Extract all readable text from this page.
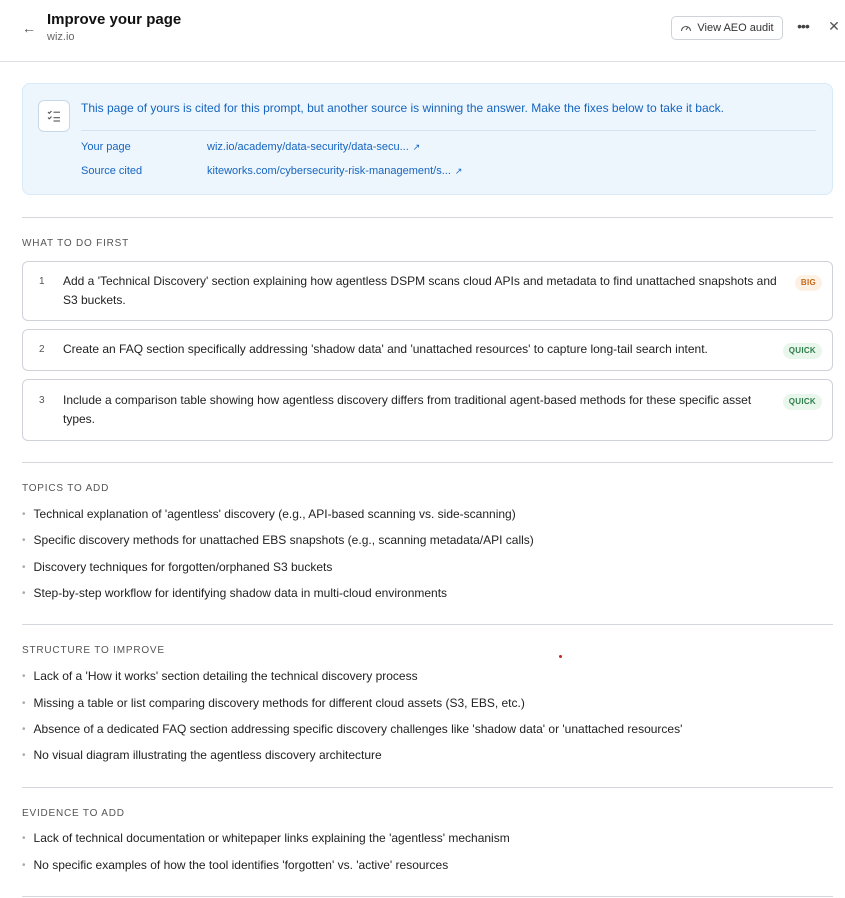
← Improve your page
wiz.io
View AEO audit ••• ✕
This page of yours is cited for this prompt, but another source is winning the answer. Make the fixes below to take it back.
Your page	wiz.io/academy/data-security/data-secu... ↗
Source cited	kiteworks.com/cybersecurity-risk-management/s... ↗
WHAT TO DO FIRST
1 Add a 'Technical Discovery' section explaining how agentless DSPM scans cloud APIs and metadata to find unattached snapshots and S3 buckets.
BIG
2 Create an FAQ section specifically addressing 'shadow data' and 'unattached resources' to capture long-tail search intent.	QUICK
3 Include a comparison table showing how agentless discovery differs from traditional agent-based methods for these specific asset types.
QUICK
TOPICS TO ADD
• Technical explanation of 'agentless' discovery (e.g., API-based scanning vs. side-scanning)
• Specific discovery methods for unattached EBS snapshots (e.g., scanning metadata/API calls)
• Discovery techniques for forgotten/orphaned S3 buckets
• Step-by-step workflow for identifying shadow data in multi-cloud environments
STRUCTURE TO IMPROVE
• Lack of a 'How it works' section detailing the technical discovery process
• Missing a table or list comparing discovery methods for different cloud assets (S3, EBS, etc.)
• Absence of a dedicated FAQ section addressing specific discovery challenges like 'shadow data' or 'unattached resources'
• No visual diagram illustrating the agentless discovery architecture
EVIDENCE TO ADD
• Lack of technical documentation or whitepaper links explaining the 'agentless' mechanism
• No specific examples of how the tool identifies 'forgotten' vs. 'active' resources
